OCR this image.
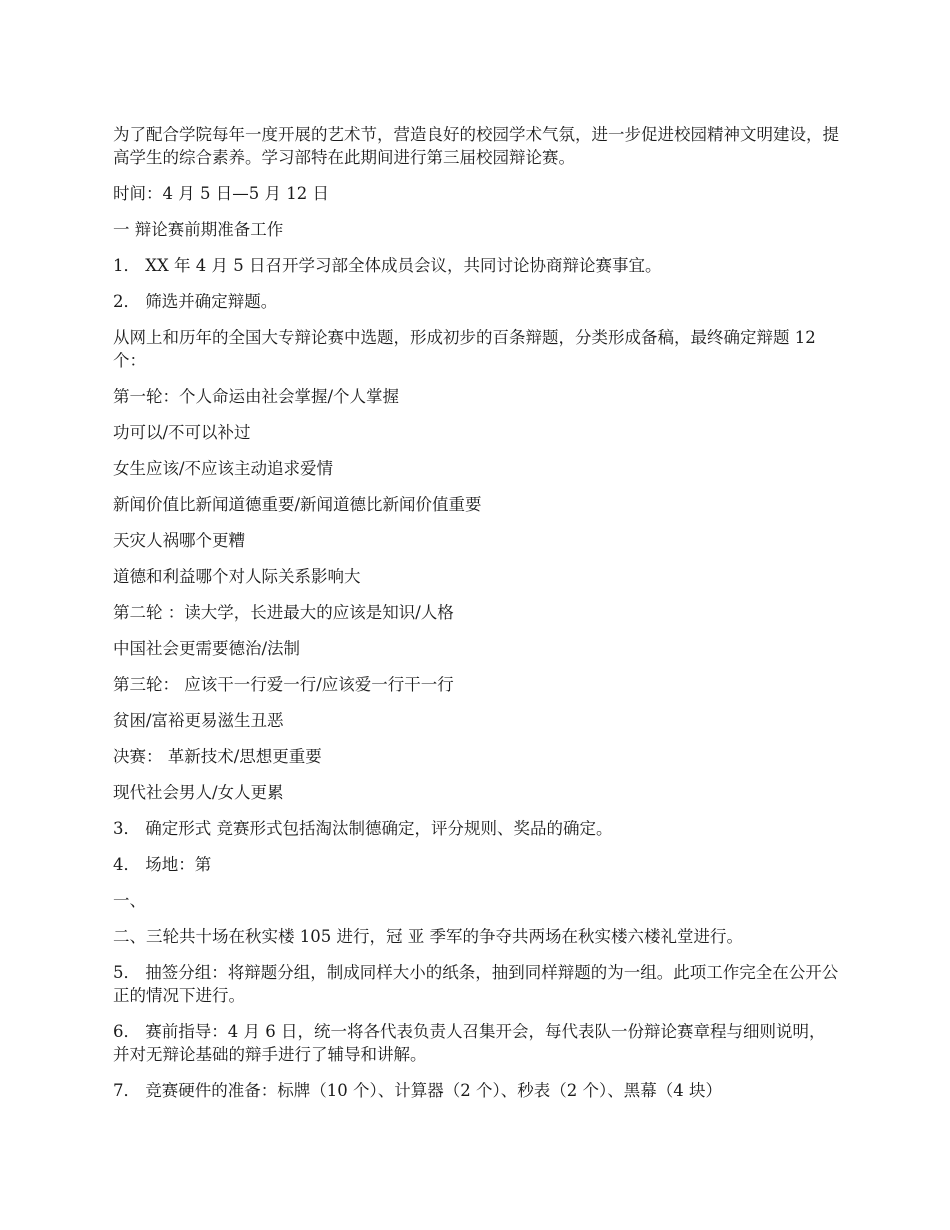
为了配合学院每年一度开展的艺术节，营造良好的校园学术气氛，进一步促进校园精神文明建设，提高学生的综合素养。学习部特在此期间进行第三届校园辩论赛。

时间：4 月 5 日—5 月 12 日

一 辩论赛前期准备工作

1． XX 年 4 月 5 日召开学习部全体成员会议，共同讨论协商辩论赛事宜。

2． 筛选并确定辩题。

从网上和历年的全国大专辩论赛中选题，形成初步的百条辩题，分类形成备稿，最终确定辩题 12 个：

第一轮：个人命运由社会掌握/个人掌握

功可以/不可以补过

女生应该/不应该主动追求爱情

新闻价值比新闻道德重要/新闻道德比新闻价值重要

天灾人祸哪个更糟

道德和利益哪个对人际关系影响大

第二轮 ：读大学，长进最大的应该是知识/人格

中国社会更需要德治/法制

第三轮： 应该干一行爱一行/应该爱一行干一行

贫困/富裕更易滋生丑恶

决赛： 革新技术/思想更重要

现代社会男人/女人更累

3． 确定形式 竞赛形式包括淘汰制德确定，评分规则、奖品的确定。

4． 场地：第

一、

二、三轮共十场在秋实楼 105 进行，冠 亚 季军的争夺共两场在秋实楼六楼礼堂进行。

5． 抽签分组：将辩题分组，制成同样大小的纸条，抽到同样辩题的为一组。此项工作完全在公开公正的情况下进行。

6． 赛前指导：4 月 6 日，统一将各代表负责人召集开会，每代表队一份辩论赛章程与细则说明，并对无辩论基础的辩手进行了辅导和讲解。

7． 竞赛硬件的准备：标牌（10 个）、计算器（2 个）、秒表（2 个）、黑幕（4 块）
